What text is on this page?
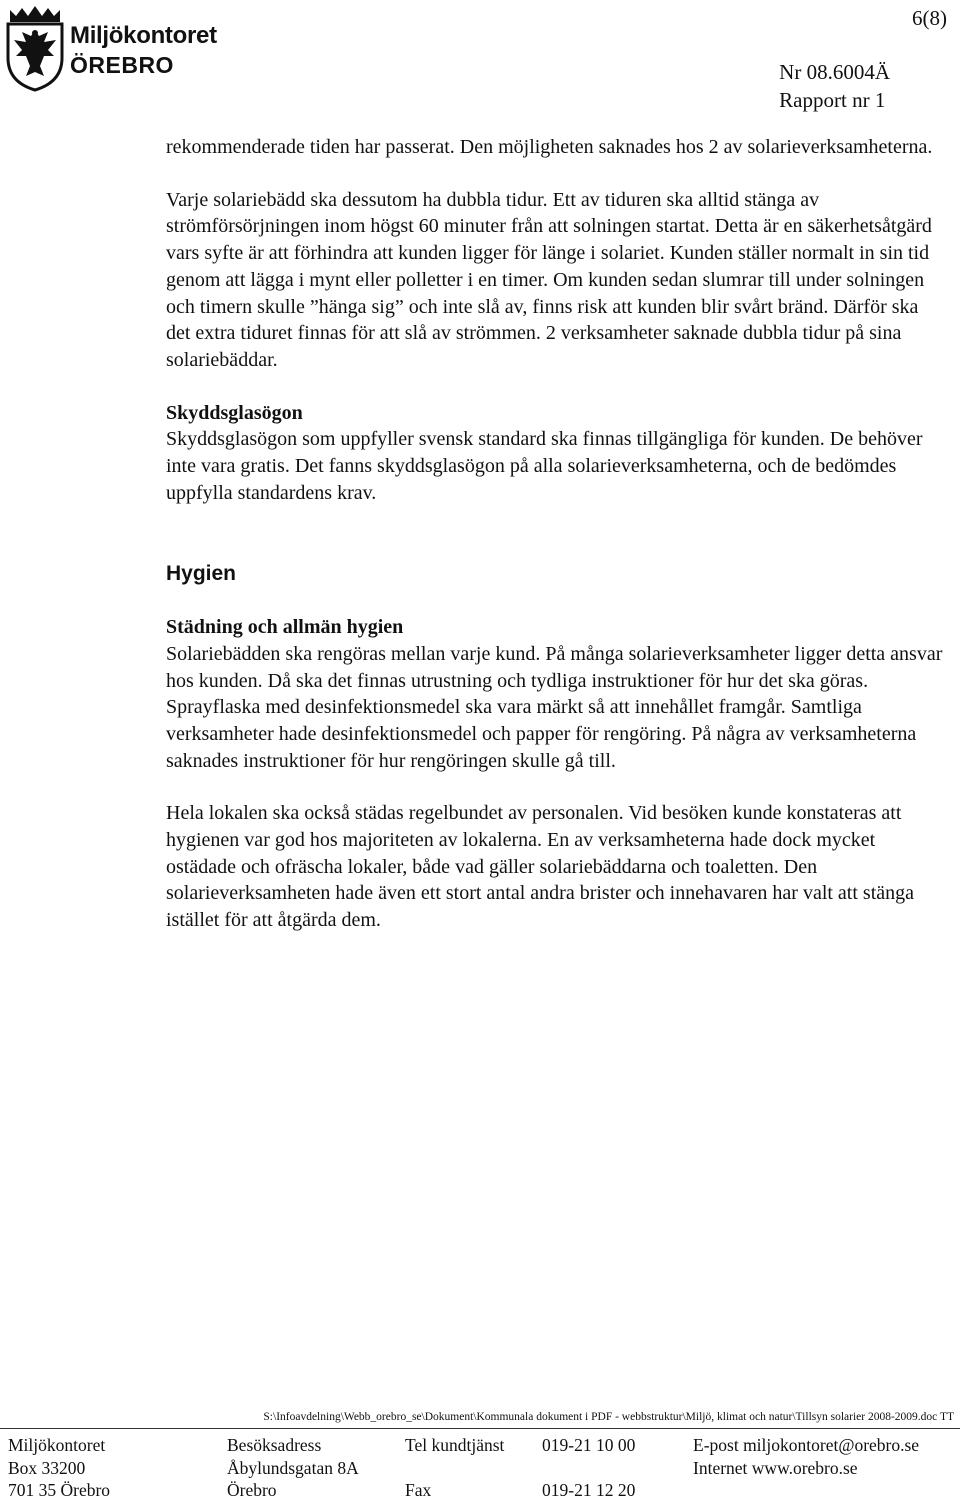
Miljökontoret
ÖREBRO
6(8)
Nr 08.6004Ä
Rapport nr 1

rekommenderade tiden har passerat. Den möjligheten saknades hos 2 av solarieverksamheterna.

Varje solariebädd ska dessutom ha dubbla tidur. Ett av tiduren ska alltid stänga av strömförsörjningen inom högst 60 minuter från att solningen startat. Detta är en säkerhetsåtgärd vars syfte är att förhindra att kunden ligger för länge i solariet. Kunden ställer normalt in sin tid genom att lägga i mynt eller polletter i en timer. Om kunden sedan slumrar till under solningen och timern skulle ”hänga sig” och inte slå av, finns risk att kunden blir svårt bränd. Därför ska det extra tiduret finnas för att slå av strömmen. 2 verksamheter saknade dubbla tidur på sina solariebäddar.

Skyddsglasögon

Skyddsglasögon som uppfyller svensk standard ska finnas tillgängliga för kunden. De behöver inte vara gratis. Det fanns skyddsglasögon på alla solarieverksamheterna, och de bedömdes uppfylla standardens krav.

Hygien

Städning och allmän hygien

Solariebädden ska rengöras mellan varje kund. På många solarieverksamheter ligger detta ansvar hos kunden. Då ska det finnas utrustning och tydliga instruktioner för hur det ska göras. Sprayflaska med desinfektionsmedel ska vara märkt så att innehållet framgår. Samtliga verksamheter hade desinfektionsmedel och papper för rengöring. På några av verksamheterna saknades instruktioner för hur rengöringen skulle gå till.

Hela lokalen ska också städas regelbundet av personalen. Vid besöken kunde konstateras att hygienen var god hos majoriteten av lokalerna. En av verksamheterna hade dock mycket ostädade och ofräscha lokaler, både vad gäller solariebäddarna och toaletten. Den solarieverksamheten hade även ett stort antal andra brister och innehavaren har valt att stänga istället för att åtgärda dem.

S:\Infoavdelning\Webb_orebro_se\Dokument\Kommunala dokument i PDF - webbstruktur\Miljö, klimat och natur\Tillsyn solarier 2008-2009.doc TT
Miljökontoret
Box 33200
701 35 Örebro
Besöksadress
Åbylundsgatan 8A
Örebro
Tel kundtjänst
Fax
019-21 10 00
019-21 12 20
E-post miljokontoret@orebro.se
Internet www.orebro.se
